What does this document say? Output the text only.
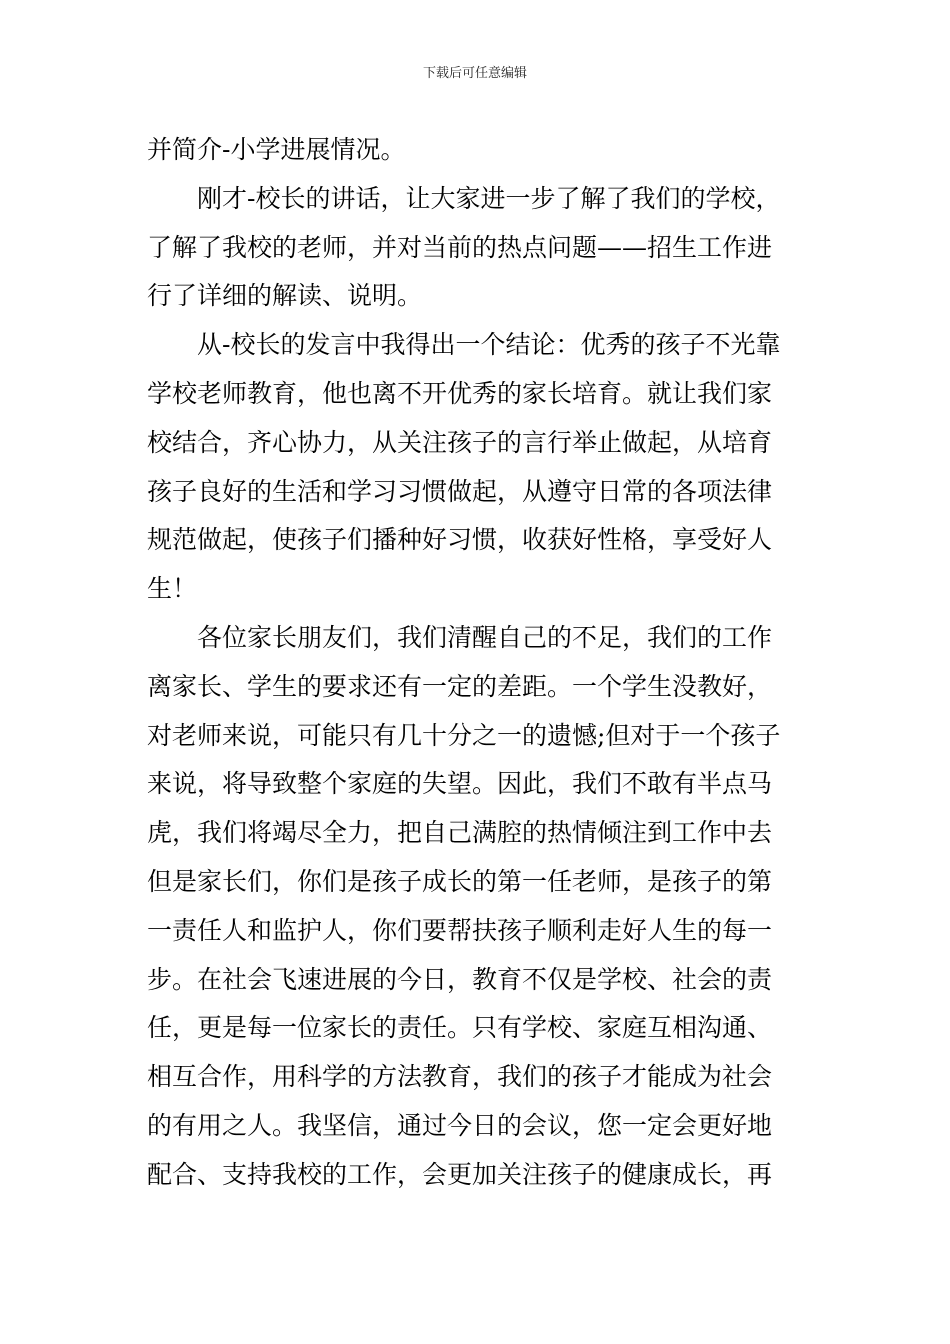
下载后可任意编辑
并简介-小学进展情况。
刚才-校长的讲话，让大家进一步了解了我们的学校，
了解了我校的老师，并对当前的热点问题——招生工作进
行了详细的解读、说明。
从-校长的发言中我得出一个结论：优秀的孩子不光靠
学校老师教育，他也离不开优秀的家长培育。就让我们家
校结合，齐心协力，从关注孩子的言行举止做起，从培育
孩子良好的生活和学习习惯做起，从遵守日常的各项法律
规范做起，使孩子们播种好习惯，收获好性格，享受好人
生！
各位家长朋友们，我们清醒自己的不足，我们的工作
离家长、学生的要求还有一定的差距。一个学生没教好，
对老师来说，可能只有几十分之一的遗憾;但对于一个孩子
来说，将导致整个家庭的失望。因此，我们不敢有半点马
虎，我们将竭尽全力，把自己满腔的热情倾注到工作中去
但是家长们，你们是孩子成长的第一任老师，是孩子的第
一责任人和监护人，你们要帮扶孩子顺利走好人生的每一
步。在社会飞速进展的今日，教育不仅是学校、社会的责
任，更是每一位家长的责任。只有学校、家庭互相沟通、
相互合作，用科学的方法教育，我们的孩子才能成为社会
的有用之人。我坚信，通过今日的会议，您一定会更好地
配合、支持我校的工作，会更加关注孩子的健康成长，再
